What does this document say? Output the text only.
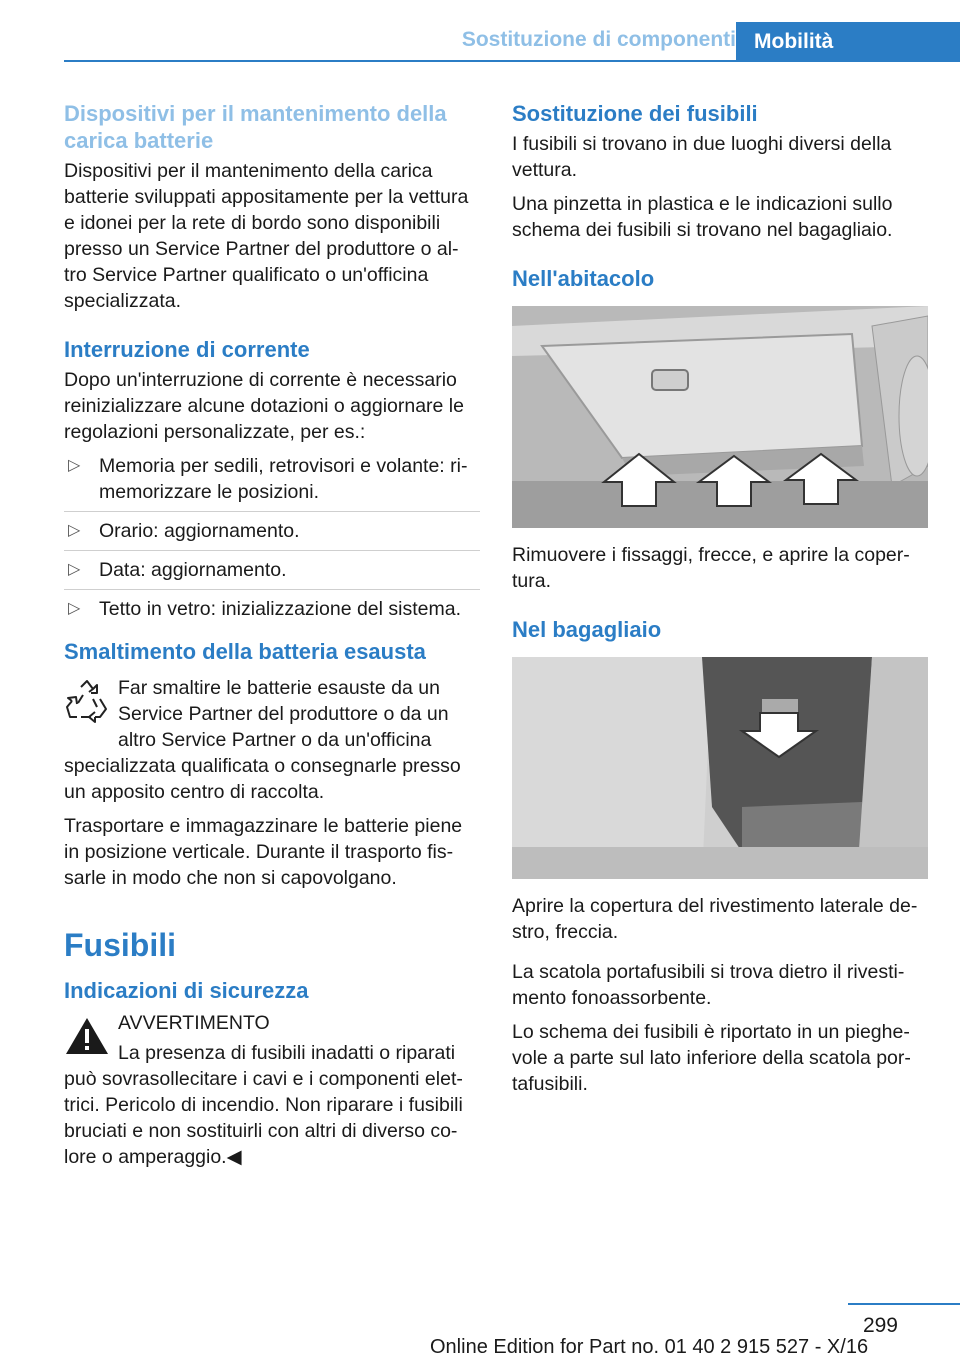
Sostituzione di componenti Mobilità
Dispositivi per il mantenimento della carica batterie

Dispositivi per il mantenimento della carica batterie sviluppati appositamente per la vettura e idonei per la rete di bordo sono disponibili presso un Service Partner del produttore o al‐ tro Service Partner qualificato o un'officina specializzata.

Interruzione di corrente

Dopo un'interruzione di corrente è necessario reinizializzare alcune dotazioni o aggiornare le regolazioni personalizzate, per es.:

▷ Memoria per sedili, retrovisori e volante: ri‐ memorizzare le posizioni.
▷ Orario: aggiornamento.
▷ Data: aggiornamento.
▷ Tetto in vetro: inizializzazione del sistema.
Smaltimento della batteria esausta

Far smaltire le batterie esauste da un Service Partner del produttore o da un altro Service Partner o da un'officina specializzata qualificata o consegnarle presso un apposito centro di raccolta.

Trasportare e immagazzinare le batterie piene in posizione verticale. Durante il trasporto fis‐ sarle in modo che non si capovolgano.

Fusibili
Indicazioni di sicurezza

AVVERTIMENTO

La presenza di fusibili inadatti o riparati può sovrasollecitare i cavi e i componenti elet‐ trici. Pericolo di incendio. Non riparare i fusibili bruciati e non sostituirli con altri di diverso co‐ lore o amperaggio.◀

Sostituzione dei fusibili

I fusibili si trovano in due luoghi diversi della vettura.

Una pinzetta in plastica e le indicazioni sullo schema dei fusibili si trovano nel bagagliaio.

Nell'abitacolo

Rimuovere i fissaggi, frecce, e aprire la coper‐ tura.

Nel bagagliaio

Aprire la copertura del rivestimento laterale de‐ stro, freccia.

La scatola portafusibili si trova dietro il rivesti‐ mento fonoassorbente.

Lo schema dei fusibili è riportato in un pieghe‐ vole a parte sul lato inferiore della scatola por‐ tafusibili.

299
Online Edition for Part no. 01 40 2 915 527 - X/16
